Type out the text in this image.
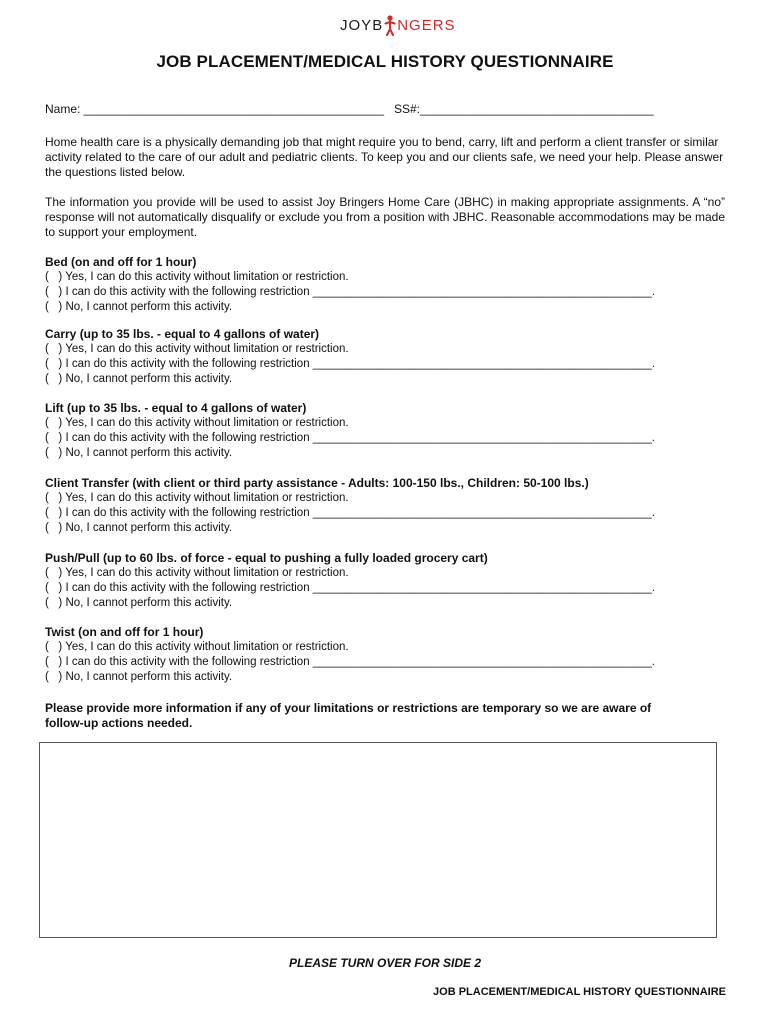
JOY B NGERS
JOB PLACEMENT/MEDICAL HISTORY QUESTIONNAIRE
Name: _____________________________________________   SS#:___________________________________
Home health care is a physically demanding job that might require you to bend, carry, lift and perform a client transfer or similar activity related to the care of our adult and pediatric clients. To keep you and our clients safe, we need your help. Please answer the questions listed below.
The information you provide will be used to assist Joy Bringers Home Care (JBHC) in making appropriate assignments. A “no” response will not automatically disqualify or exclude you from a position with JBHC. Reasonable accommodations may be made to support your employment.
Bed (on and off for 1 hour)
(   ) Yes, I can do this activity without limitation or restriction.
(   ) I can do this activity with the following restriction _____________________________________________________.
(   ) No, I cannot perform this activity.
Carry (up to 35 lbs. - equal to 4 gallons of water)
(   ) Yes, I can do this activity without limitation or restriction.
(   ) I can do this activity with the following restriction _____________________________________________________.
(   ) No, I cannot perform this activity.
Lift (up to 35 lbs. - equal to 4 gallons of water)
(   ) Yes, I can do this activity without limitation or restriction.
(   ) I can do this activity with the following restriction _____________________________________________________.
(   ) No, I cannot perform this activity.
Client Transfer (with client or third party assistance - Adults: 100-150 lbs., Children: 50-100 lbs.)
(   ) Yes, I can do this activity without limitation or restriction.
(   ) I can do this activity with the following restriction _____________________________________________________.
(   ) No, I cannot perform this activity.
Push/Pull (up to 60 lbs. of force - equal to pushing a fully loaded grocery cart)
(   ) Yes, I can do this activity without limitation or restriction.
(   ) I can do this activity with the following restriction _____________________________________________________.
(   ) No, I cannot perform this activity.
Twist (on and off for 1 hour)
(   ) Yes, I can do this activity without limitation or restriction.
(   ) I can do this activity with the following restriction _____________________________________________________.
(   ) No, I cannot perform this activity.
Please provide more information if any of your limitations or restrictions are temporary so we are aware of follow-up actions needed.
PLEASE TURN OVER FOR SIDE 2
JOB PLACEMENT/MEDICAL HISTORY QUESTIONNAIRE
